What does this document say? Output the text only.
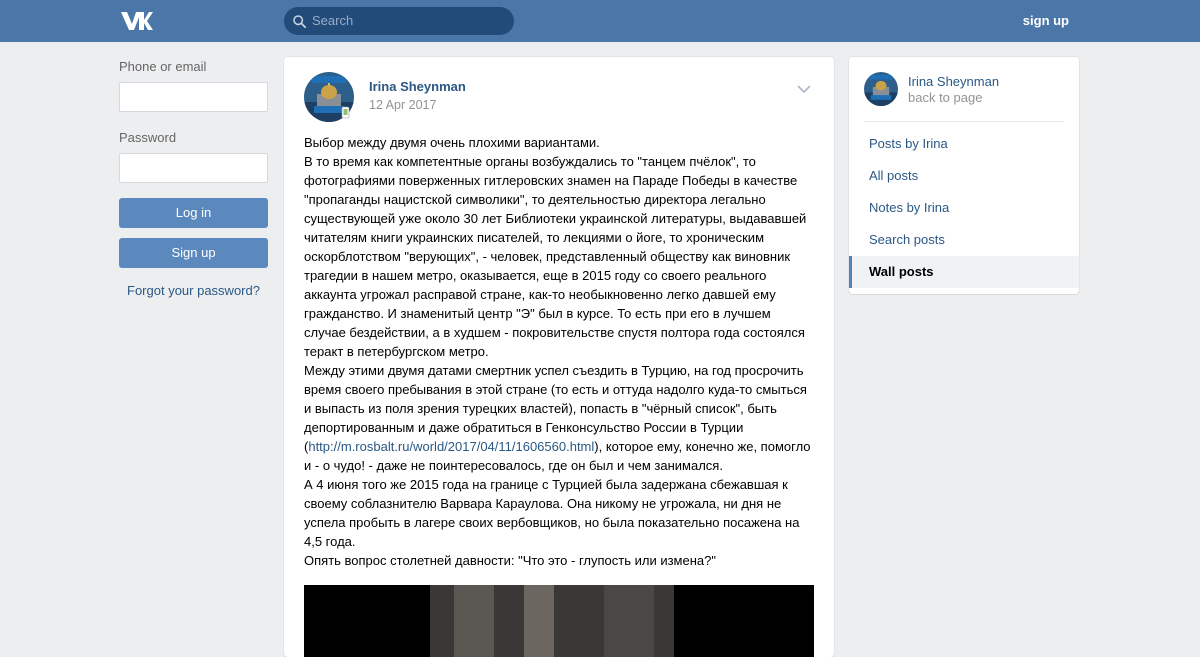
Search	sign up
Phone or email
Password
Log in
Sign up
Forgot your password?
Irina Sheynman
12 Apr 2017

Выбор между двумя очень плохими вариантами.

В то время как компетентные органы возбуждались то "танцем пчёлок", то фотографиями поверженных гитлеровских знамен на Параде Победы в качестве "пропаганды нацистской символики", то деятельностью директора легально существующей уже около 30 лет Библиотеки украинской литературы, выдававшей читателям книги украинских писателей, то лекциями о йоге, то хроническим оскорблотством "верующих", - человек, представленный обществу как виновник трагедии в нашем метро, оказывается, еще в 2015 году со своего реального аккаунта угрожал расправой стране, как-то необыкновенно легко давшей ему гражданство. И знаменитый центр "Э" был в курсе. То есть при его в лучшем случае бездействии, а в худшем - покровительстве спустя полтора года состоялся теракт в петербургском метро.

Между этими двумя датами смертник успел съездить в Турцию, на год просрочить время своего пребывания в этой стране (то есть и оттуда надолго куда-то смыться и выпасть из поля зрения турецких властей), попасть в "чёрный список", быть депортированным и даже обратиться в Генконсульство России в Турции (http://m.rosbalt.ru/world/2017/04/11/1606560.html), которое ему, конечно же, помогло и - о чудо! - даже не поинтересовалось, где он был и чем занимался.

А 4 июня того же 2015 года на границе с Турцией была задержана сбежавшая к своему соблазнителю Варвара Караулова. Она никому не угрожала, ни дня не успела пробыть в лагере своих вербовщиков, но была показательно посажена на 4,5 года.

Опять вопрос столетней давности: "Что это - глупость или измена?"

Irina Sheynman
back to page
Posts by Irina
All posts
Notes by Irina
Search posts
Wall posts
